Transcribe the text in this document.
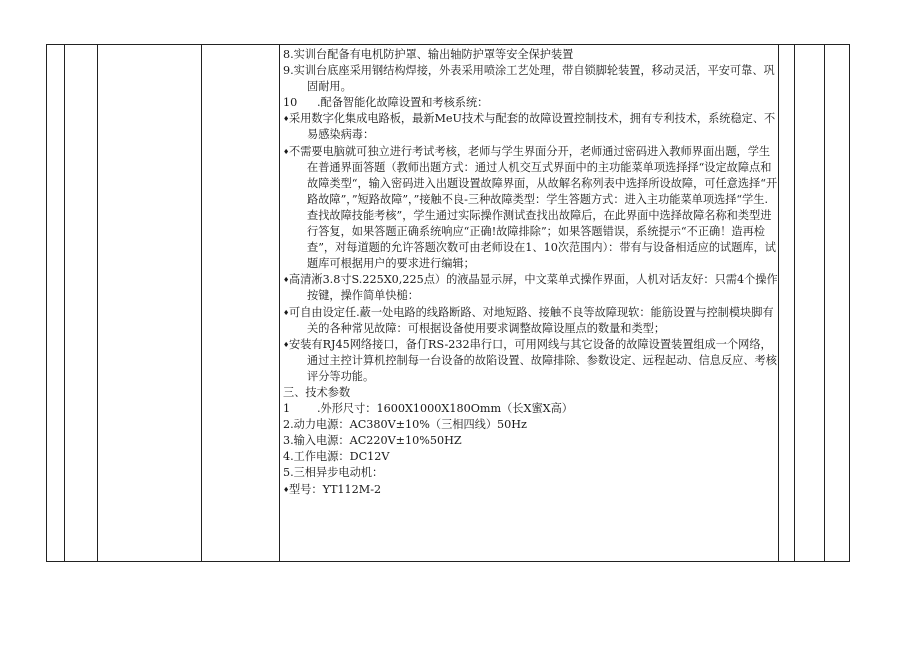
8.实训台配备有电机防护罩、输出轴防护罩等安全保护装置
9.实训台底座采用钢结构焊接，外表采用喷涂工艺处理，带自锁脚轮装置，移动灵活，平安可靠、巩固耐用。
10 .配备智能化故障设置和考核系统：
♦ 采用数字化集成电路板，最新MeU技术与配套的故障设置控制技术，拥有专利技术，系统稳定、不易感染病毒：
♦ 不需要电脑就可独立进行考试考核，老师与学生界面分开，老师通过密码进入教师界面出题，学生在普通界面答题（教师出题方式：通过人机交互式界面中的主功能菜单项选择择“设定故障点和故障类型“，输入密码进入出题设置故障界面，从故解名称列表中选择所设故障，可任意选择“开路故障”，”短路故障”，”接触不良-三种故障类型：学生答题方式：进入主功能菜单项选择“学生.查找故障技能考核”，学生通过实际操作测试查找出故障后，在此界面中选择故障名称和类型进行答复，如果答题正确系统响应“正确!故障排除”；如果答题错误，系统提示“不正确！造再检查”，对每道题的允许答题次数可由老师设在1、10次范围内）：带有与设备相适应的试题库，试题库可根据用户的要求进行编辑；
♦ 高清淅3.8寸S.225X0,225点）的液晶显示屏，中文菜单式操作界面，人机对话友好：只需4个操作按键，操作简单快槌：
♦ 可自由设定任.蔽一处电路的线路断路、对地短路、接触不良等故障现软：能筋设置与控制模块脚有关的各种常见故障：可根据设备使用要求调整故障设厘点的数量和类型；
♦ 安装有RJ45网络接口，备仃RS-232串行口，可用网线与其它设备的故障设置装置组成一个网络，通过主控计算机控制每一台设备的故陷设置、故障排除、参数设定、远程起动、信息反应、考核评分等功能。
三、技术参数
1 .外形尺寸：1600X1000X180Omm（长X蜜X高）
2.动力电源：AC380V±10%（三相四线）50Hz
3.输入电源：AC220V±10%50HZ
4.工作电源：DC12V
5.三相异步电动机：
♦ 型号：YT112M-2
